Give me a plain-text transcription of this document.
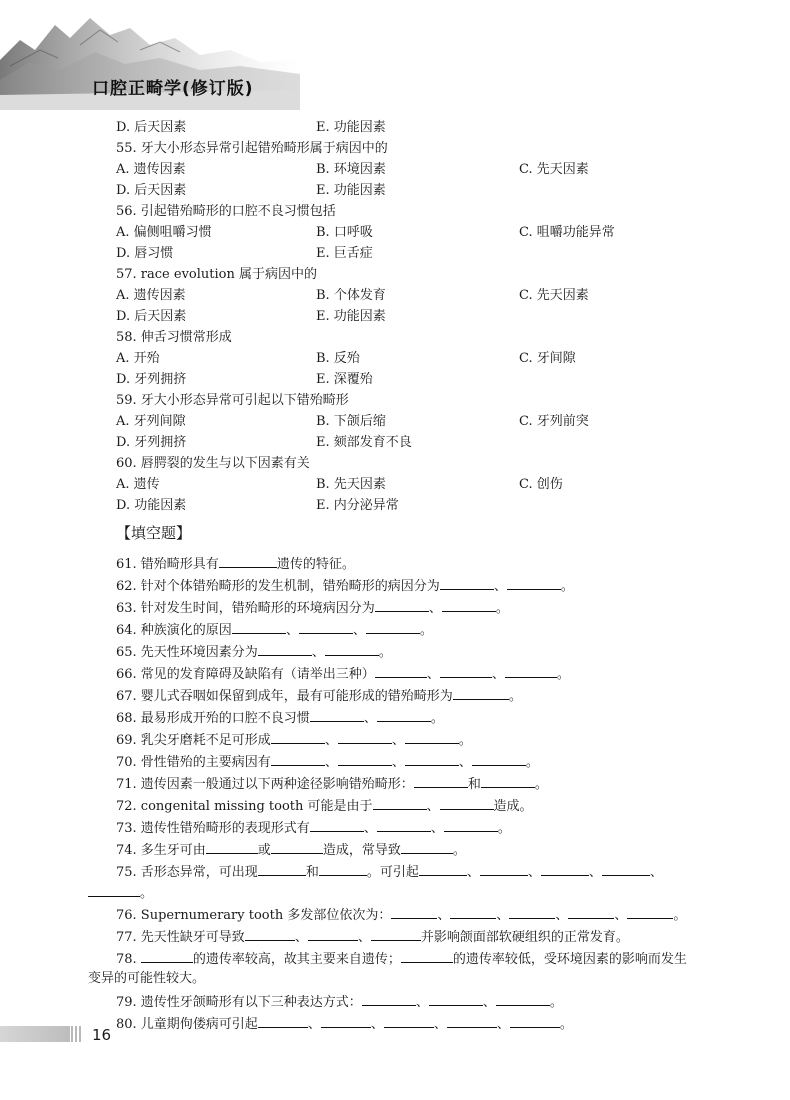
口腔正畸学(修订版)
D. 后天因素	E. 功能因素
55. 牙大小形态异常引起错殆畸形属于病因中的
A. 遗传因素	B. 环境因素	C. 先天因素
D. 后天因素	E. 功能因素
56. 引起错殆畸形的口腔不良习惯包括
A. 偏侧咀嚼习惯	B. 口呼吸	C. 咀嚼功能异常
D. 唇习惯	E. 巨舌症
57. race evolution 属于病因中的
A. 遗传因素	B. 个体发育	C. 先天因素
D. 后天因素	E. 功能因素
58. 伸舌习惯常形成
A. 开殆	B. 反殆	C. 牙间隙
D. 牙列拥挤	E. 深覆殆
59. 牙大小形态异常可引起以下错殆畸形
A. 牙列间隙	B. 下颌后缩	C. 牙列前突
D. 牙列拥挤	E. 颏部发育不良
60. 唇腭裂的发生与以下因素有关
A. 遗传	B. 先天因素	C. 创伤
D. 功能因素	E. 内分泌异常
【填空题】
61. 错殆畸形具有	遗传的特征。
62. 针对个体错殆畸形的发生机制，错殆畸形的病因分为	、	。
63. 针对发生时间，错殆畸形的环境病因分为	、	。
64. 种族演化的原因	、	、	。
65. 先天性环境因素分为	、	。
66. 常见的发育障碍及缺陷有（请举出三种）	、	、	。
67. 婴儿式吞咽如保留到成年，最有可能形成的错殆畸形为	。
68. 最易形成开殆的口腔不良习惯	、	。
69. 乳尖牙磨耗不足可形成	、	、	。
70. 骨性错殆的主要病因有	、	、	、	。
71. 遗传因素一般通过以下两种途径影响错殆畸形：	和	。
72. congenital missing tooth 可能是由于	、	造成。
73. 遗传性错殆畸形的表现形式有	、	、	。
74. 多生牙可由	或	造成，常导致	。
75. 舌形态异常，可出现	和	。可引起	、	、	、	、
。
76. Supernumerary tooth 多发部位依次为：	、	、	、	、	。
77. 先天性缺牙可导致	、	、	并影响颌面部软硬组织的正常发育。
78.	的遗传率较高，故其主要来自遗传；	的遗传率较低，受环境因素的影响而发生
变异的可能性较大。
79. 遗传性牙颌畸形有以下三种表达方式：	、	、	。
80. 儿童期佝偻病可引起	、	、	、	、	。
16
